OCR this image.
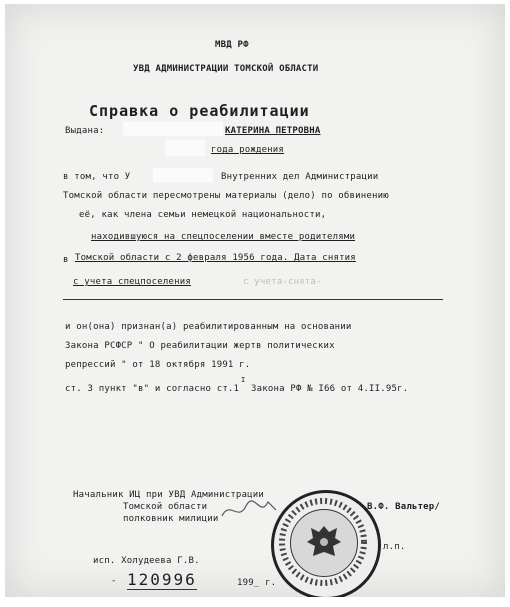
МВД РФ
УВД АДМИНИСТРАЦИИ ТОМСКОЙ ОБЛАСТИ
Справка о реабилитации
Выдана:	КАТЕРИНА ПЕТРОВНА
года рождения
в том, что У	Внутренних дел Администрации
Томской области пересмотрены материалы (дело) по обвинению
её, как члена семьи немецкой национальности,
находившуюся на спецпоселении вместе родителями
в Томской области с 2 февраля 1956 года. Дата снятия
с учета спецпоселения	с учета-снята-
и он(она) признан(а) реабилитированным на основании
Закона РСФСР " О реабилитации жертв политических
репрессий " от 18 октября 1991 г.
ст. 3 пункт "в" и согласно ст.1
I
Закона РФ № I66 от 4.II.95г.
Начальник ИЦ при УВД Администрации
Томской области
полковник милиции
В.Ф. Вальтер/
л.п.
исп. Холудеева Г.В.
- 120996	199_ г.
